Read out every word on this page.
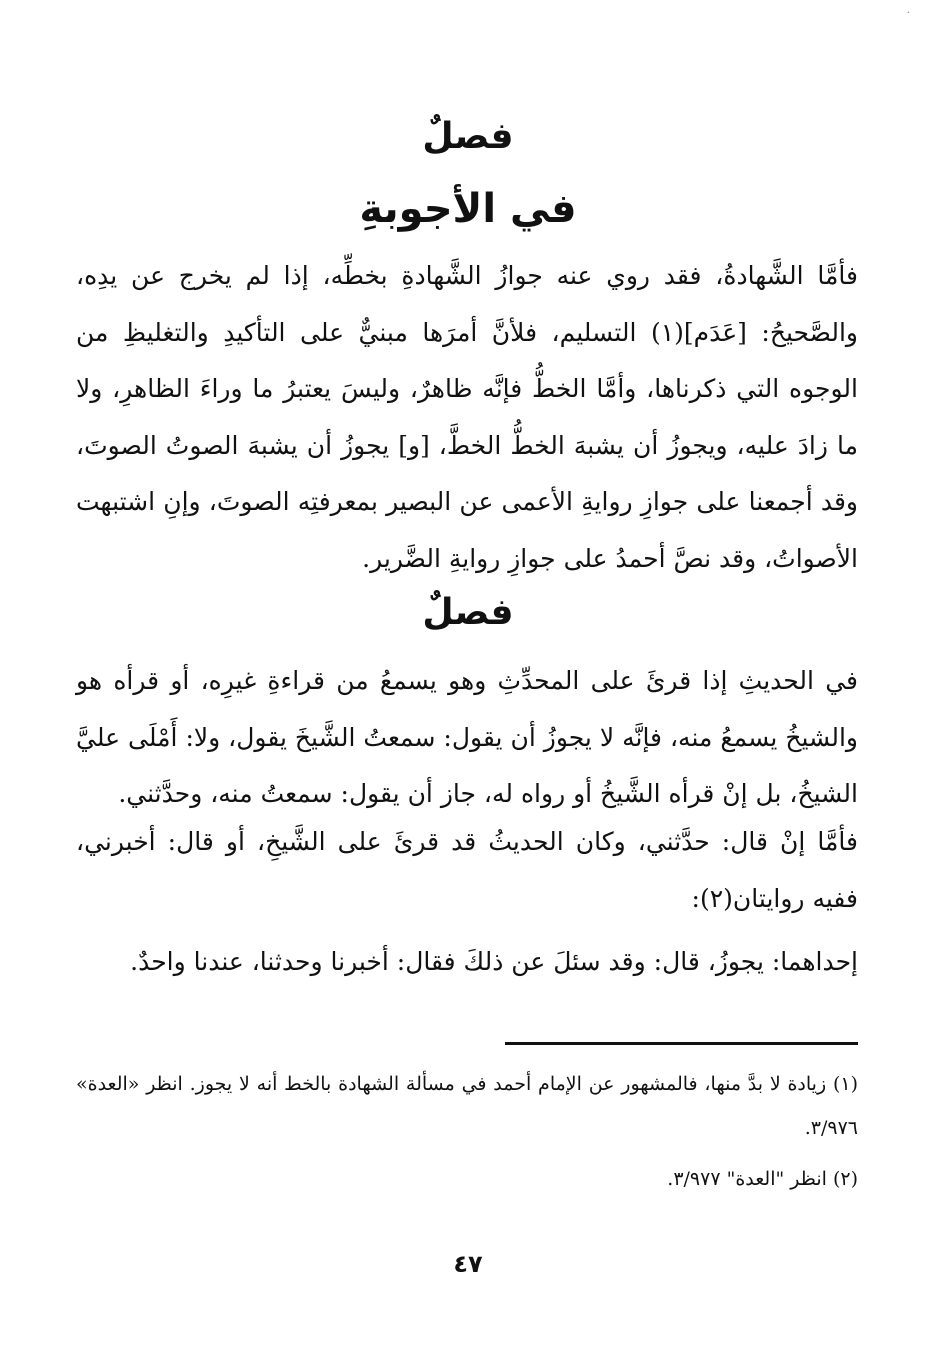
·
فصلٌ
في الأجوبةِ

فأمَّا الشَّهادةُ، فقد روي عنه جوازُ الشَّهادةِ بخطِّه، إذا لم يخرج عن يدِه، والصَّحيحُ: [عَدَم](١) التسليم، فلأنَّ أمرَها مبنيٌّ على التأكيدِ والتغليظِ من الوجوه التي ذكرناها، وأمَّا الخطُّ فإنَّه ظاهرٌ، وليسَ يعتبرُ ما وراءَ الظاهرِ، ولا ما زادَ عليه، ويجوزُ أن يشبهَ الخطُّ الخطَّ، [و] يجوزُ أن يشبهَ الصوتُ الصوتَ، وقد أجمعنا على جوازِ روايةِ الأعمى عن البصير بمعرفتِه الصوتَ، وإنِ اشتبهت الأصواتُ، وقد نصَّ أحمدُ على جوازِ روايةِ الضَّرير.

فصلٌ

في الحديثِ إذا قرئَ على المحدِّثِ وهو يسمعُ من قراءةِ غيرِه، أو قرأه هو والشيخُ يسمعُ منه، فإنَّه لا يجوزُ أن يقول: سمعتُ الشَّيخَ يقول، ولا: أَمْلَى عليَّ الشيخُ، بل إنْ قرأه الشَّيخُ أو رواه له، جاز أن يقول: سمعتُ منه، وحدَّثني.

فأمَّا إنْ قال: حدَّثني، وكان الحديثُ قد قرئَ على الشَّيخِ، أو قال: أخبرني، ففيه روايتان(٢):

إحداهما: يجوزُ، قال: وقد سئلَ عن ذلكَ فقال: أخبرنا وحدثنا، عندنا واحدٌ.

(١) زيادة لا بدَّ منها، فالمشهور عن الإمام أحمد في مسألة الشهادة بالخط أنه لا يجوز. انظر «العدة» ٣/٩٧٦.

(٢) انظر "العدة" ٣/٩٧٧.

٤٧
